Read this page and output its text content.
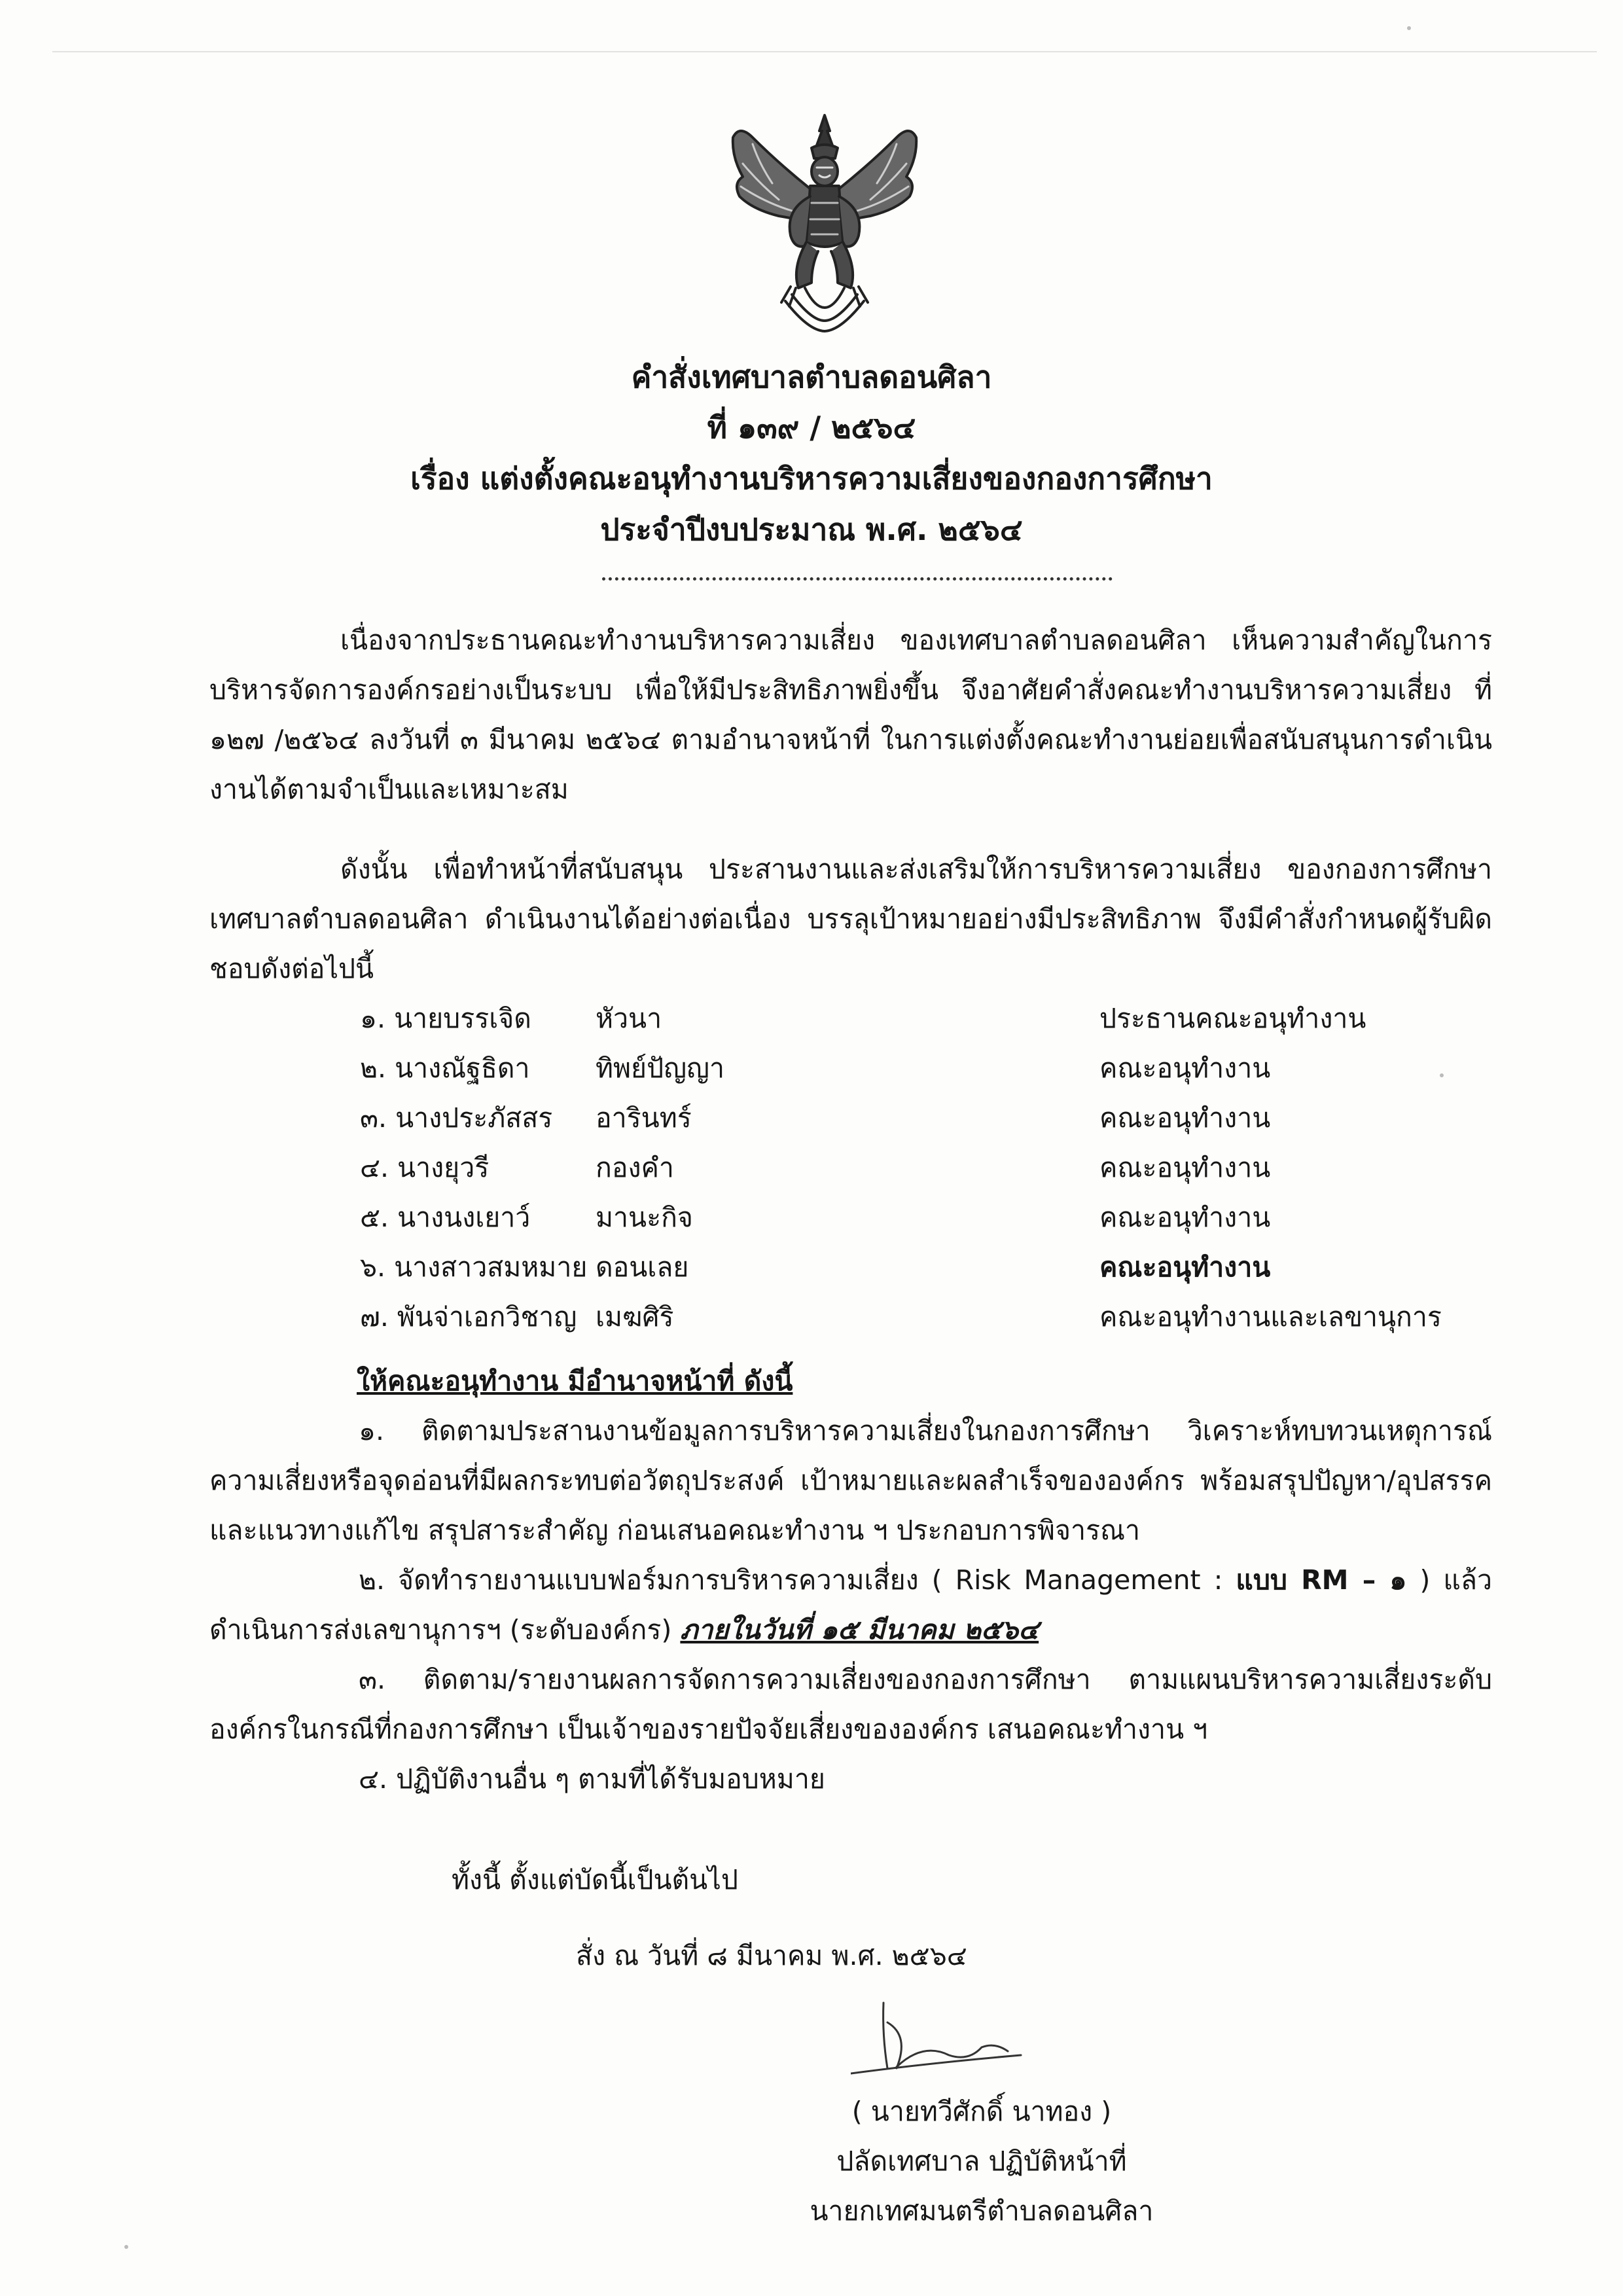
คำสั่งเทศบาลตำบลดอนศิลา
ที่ ๑๓๙ / ๒๕๖๔
เรื่อง แต่งตั้งคณะอนุทำงานบริหารความเสี่ยงของกองการศึกษา
ประจำปีงบประมาณ พ.ศ. ๒๕๖๔
เนื่องจากประธานคณะทำงานบริหารความเสี่ยง ของเทศบาลตำบลดอนศิลา เห็นความสำคัญในการบริหารจัดการองค์กรอย่างเป็นระบบ เพื่อให้มีประสิทธิภาพยิ่งขึ้น จึงอาศัยคำสั่งคณะทำงานบริหารความเสี่ยง ที่ ๑๒๗ /๒๕๖๔ ลงวันที่ ๓ มีนาคม ๒๕๖๔ ตามอำนาจหน้าที่ ในการแต่งตั้งคณะทำงานย่อยเพื่อสนับสนุนการดำเนินงานได้ตามจำเป็นและเหมาะสม
ดังนั้น เพื่อทำหน้าที่สนับสนุน ประสานงานและส่งเสริมให้การบริหารความเสี่ยง ของกองการศึกษาเทศบาลตำบลดอนศิลา ดำเนินงานได้อย่างต่อเนื่อง บรรลุเป้าหมายอย่างมีประสิทธิภาพ จึงมีคำสั่งกำหนดผู้รับผิดชอบดังต่อไปนี้
๑. นายบรรเจิด หัวนา	ประธานคณะอนุทำงาน
๒. นางณัฐธิดา ทิพย์ปัญญา	คณะอนุทำงาน
๓. นางประภัสสร อารินทร์	คณะอนุทำงาน
๔. นางยุวรี	กองคำ	คณะอนุทำงาน
๕. นางนงเยาว์ มานะกิจ	คณะอนุทำงาน
๖. นางสาวสมหมาย ดอนเลย	คณะอนุทำงาน
๗. พันจ่าเอกวิชาญ เมฆศิริ	คณะอนุทำงานและเลขานุการ
ให้คณะอนุทำงาน มีอำนาจหน้าที่ ดังนี้
๑. ติดตามประสานงานข้อมูลการบริหารความเสี่ยงในกองการศึกษา วิเคราะห์ทบทวนเหตุการณ์ความเสี่ยงหรือจุดอ่อนที่มีผลกระทบต่อวัตถุประสงค์ เป้าหมายและผลสำเร็จขององค์กร พร้อมสรุปปัญหา/อุปสรรคและแนวทางแก้ไข สรุปสาระสำคัญ ก่อนเสนอคณะทำงาน ฯ ประกอบการพิจารณา
๒. จัดทำรายงานแบบฟอร์มการบริหารความเสี่ยง ( Risk Management : แบบ RM – ๑ ) แล้วดำเนินการส่งเลขานุการฯ (ระดับองค์กร) ภายในวันที่ ๑๕ มีนาคม ๒๕๖๔
๓. ติดตาม/รายงานผลการจัดการความเสี่ยงของกองการศึกษา ตามแผนบริหารความเสี่ยงระดับองค์กรในกรณีที่กองการศึกษา เป็นเจ้าของรายปัจจัยเสี่ยงขององค์กร เสนอคณะทำงาน ฯ
๔. ปฏิบัติงานอื่น ๆ ตามที่ได้รับมอบหมาย
ทั้งนี้ ตั้งแต่บัดนี้เป็นต้นไป
สั่ง ณ วันที่ ๘ มีนาคม พ.ศ. ๒๕๖๔
( นายทวีศักดิ์ นาทอง )
ปลัดเทศบาล ปฏิบัติหน้าที่
นายกเทศมนตรีตำบลดอนศิลา
